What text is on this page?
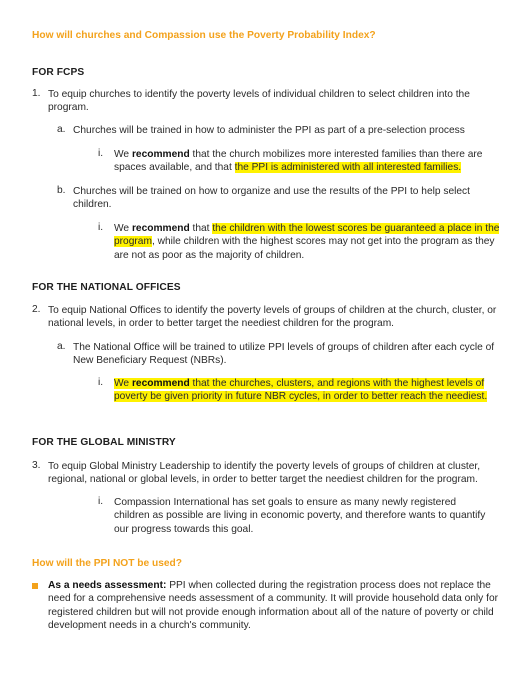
How will churches and Compassion use the Poverty Probability Index?
FOR FCPS
1. To equip churches to identify the poverty levels of individual children to select children into the program.
a. Churches will be trained in how to administer the PPI as part of a pre-selection process
i. We recommend that the church mobilizes more interested families than there are spaces available, and that the PPI is administered with all interested families.
b. Churches will be trained on how to organize and use the results of the PPI to help select children.
i. We recommend that the children with the lowest scores be guaranteed a place in the program, while children with the highest scores may not get into the program as they are not as poor as the majority of children.
FOR THE NATIONAL OFFICES
2. To equip National Offices to identify the poverty levels of groups of children at the church, cluster, or national levels, in order to better target the neediest children for the program.
a. The National Office will be trained to utilize PPI levels of groups of children after each cycle of New Beneficiary Request (NBRs).
i. We recommend that the churches, clusters, and regions with the highest levels of poverty be given priority in future NBR cycles, in order to better reach the neediest.
FOR THE GLOBAL MINISTRY
3. To equip Global Ministry Leadership to identify the poverty levels of groups of children at cluster, regional, national or global levels, in order to better target the neediest children for the program.
i. Compassion International has set goals to ensure as many newly registered children as possible are living in economic poverty, and therefore wants to quantify our progress towards this goal.
How will the PPI NOT be used?
As a needs assessment: PPI when collected during the registration process does not replace the need for a comprehensive needs assessment of a community. It will provide household data only for registered children but will not provide enough information about all of the nature of poverty or child development needs in a church's community.
